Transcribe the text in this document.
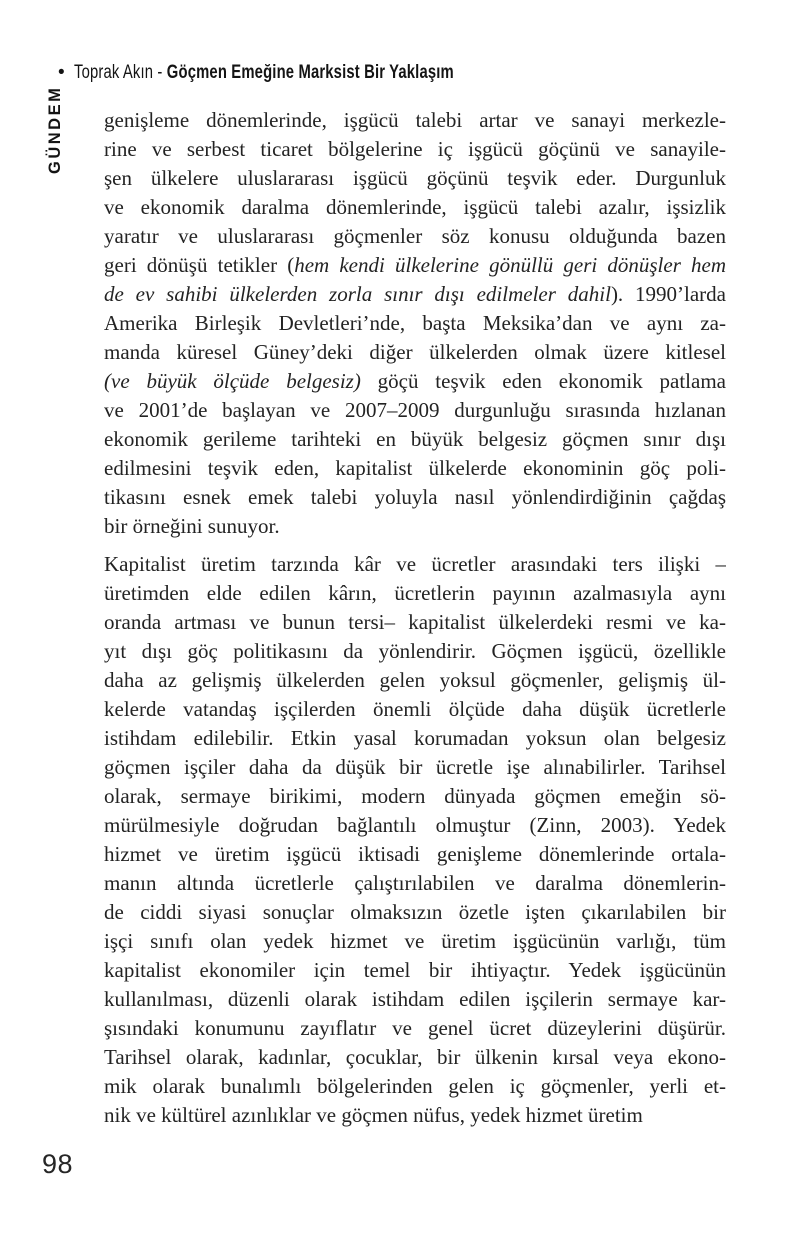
• Toprak Akın - Göçmen Emeğine Marksist Bir Yaklaşım
GÜNDEM genişleme dönemlerinde, işgücü talebi artar ve sanayi merkezle-
rine ve serbest ticaret bölgelerine iç işgücü göçünü ve sanayile-
şen ülkelere uluslararası işgücü göçünü teşvik eder. Durgunluk
ve ekonomik daralma dönemlerinde, işgücü talebi azalır, işsizlik
yaratır ve uluslararası göçmenler söz konusu olduğunda bazen
geri dönüşü tetikler (hem kendi ülkelerine gönüllü geri dönüşler hem
de ev sahibi ülkelerden zorla sınır dışı edilmeler dahil). 1990’larda
Amerika Birleşik Devletleri’nde, başta Meksika’dan ve aynı za-
manda küresel Güney’deki diğer ülkelerden olmak üzere kitlesel
(ve büyük ölçüde belgesiz) göçü teşvik eden ekonomik patlama
ve 2001’de başlayan ve 2007–2009 durgunluğu sırasında hızlanan
ekonomik gerileme tarihteki en büyük belgesiz göçmen sınır dışı
edilmesini teşvik eden, kapitalist ülkelerde ekonominin göç poli-
tikasını esnek emek talebi yoluyla nasıl yönlendirdiğinin çağdaş
bir örneğini sunuyor.
Kapitalist üretim tarzında kâr ve ücretler arasındaki ters ilişki –
üretimden elde edilen kârın, ücretlerin payının azalmasıyla aynı
oranda artması ve bunun tersi– kapitalist ülkelerdeki resmi ve ka-
yıt dışı göç politikasını da yönlendirir. Göçmen işgücü, özellikle
daha az gelişmiş ülkelerden gelen yoksul göçmenler, gelişmiş ül-
kelerde vatandaş işçilerden önemli ölçüde daha düşük ücretlerle
istihdam edilebilir. Etkin yasal korumadan yoksun olan belgesiz
göçmen işçiler daha da düşük bir ücretle işe alınabilirler. Tarihsel
olarak, sermaye birikimi, modern dünyada göçmen emeğin sö-
mürülmesiyle doğrudan bağlantılı olmuştur (Zinn, 2003). Yedek
hizmet ve üretim işgücü iktisadi genişleme dönemlerinde ortala-
manın altında ücretlerle çalıştırılabilen ve daralma dönemlerin-
de ciddi siyasi sonuçlar olmaksızın özetle işten çıkarılabilen bir
işçi sınıfı olan yedek hizmet ve üretim işgücünün varlığı, tüm
kapitalist ekonomiler için temel bir ihtiyaçtır. Yedek işgücünün
kullanılması, düzenli olarak istihdam edilen işçilerin sermaye kar-
şısındaki konumunu zayıflatır ve genel ücret düzeylerini düşürür.
Tarihsel olarak, kadınlar, çocuklar, bir ülkenin kırsal veya ekono-
mik olarak bunalımlı bölgelerinden gelen iç göçmenler, yerli et-
nik ve kültürel azınlıklar ve göçmen nüfus, yedek hizmet üretim
98
